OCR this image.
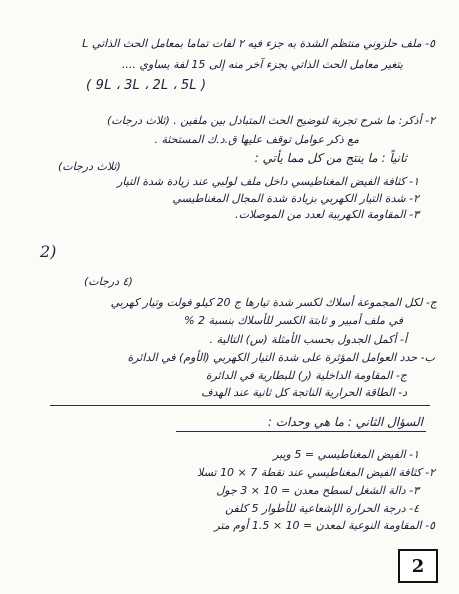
٥- ملف حلزوني منتظم الشدة به جزء فيه ٢ لفات تماما بمعامل الحث الذاتي L
يتغير معامل الحث الذاتي بجزء آخر منه إلى 15 لفة يساوي ....
( 9L ، 3L ، 2L ، 5L )
٢- أذكر: ما شرح تجربة لتوضيح الحث المتبادل بين ملفين . (ثلاث درجات)
مع ذكر عوامل توقف عليها ق.د.ك المستحثة .
ثانياً : ما ينتج من كل مما يأتي :
(ثلاث درجات)
١- كثافة الفيض المغناطيسي داخل ملف لولبي عند زيادة شدة التيار
٢- شدة التيار الكهربي بزيادة شدة المجال المغناطيسي
٣- المقاومة الكهربية لعدد من الموصلات.
2)
(٤ درجات)
ج- لكل المجموعة أسلاك لكسر شدة تيارها ج 20 كيلو فولت وتيار كهربي
في ملف أمبير و ثابتة الكسر للأسلاك بنسبة 2 %
أ- أكمل الجدول بحسب الأمثلة (س) التالية .
ب- حدد العوامل المؤثرة على شدة التيار الكهربي (الأوم) في الدائرة
ج- المقاومة الداخلية (ر) للبطارية في الدائرة
د- الطاقة الحرارية الناتجة كل ثانية عند الهدف
السؤال الثاني : ما هي وحدات :
١- الفيض المغناطيسي = 5 ويبر
٢- كثافة الفيض المغناطيسي عند نقطة 7 × 10 تسلا
٣- دالة الشغل لسطح معدن = 10 × 3 جول
٤- درجة الحرارة الإشعاعية للأطوار 5 كلفن
2
٥- المقاومة النوعية لمعدن = 10 × 1.5 أوم متر
